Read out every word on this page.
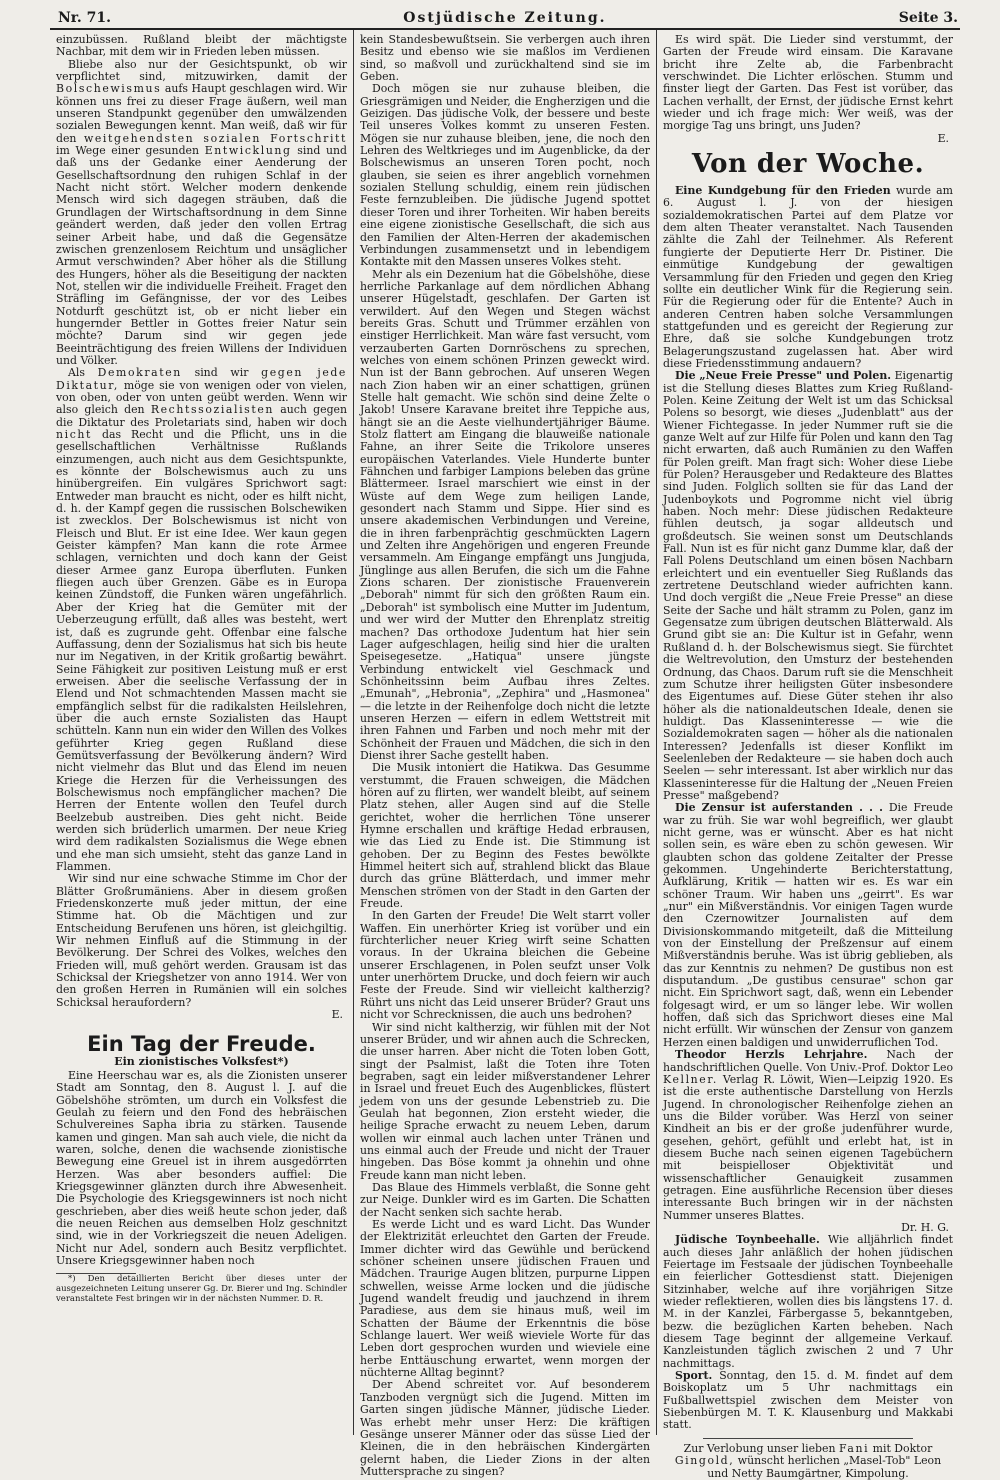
Nr. 71.	Ostjüdische Zeitung.	Seite 3.

einzubüssen. Rußland bleibt der mächtigste Nachbar, mit dem wir in Frieden leben müssen.

Bliebe also nur der Gesichtspunkt, ob wir verpflichtet sind, mitzuwirken, damit der Bolschewismus aufs Haupt geschlagen wird. Wir können uns frei zu dieser Frage äußern, weil man unseren Standpunkt gegenüber den umwälzenden sozialen Bewegungen kennt. Man weiß, daß wir für den weitgehendsten sozialen Fortschritt im Wege einer gesunden Entwicklung sind und daß uns der Gedanke einer Aenderung der Gesellschaftsordnung den ruhigen Schlaf in der Nacht nicht stört. Welcher modern denkende Mensch wird sich dagegen sträuben, daß die Grundlagen der Wirtschaftsordnung in dem Sinne geändert werden, daß jeder den vollen Ertrag seiner Arbeit habe, und daß die Gegensätze zwischen grenzenlosem Reichtum und unsäglicher Armut verschwinden? Aber höher als die Stillung des Hungers, höher als die Beseitigung der nackten Not, stellen wir die individuelle Freiheit. Fraget den Sträfling im Gefängnisse, der vor des Leibes Notdurft geschützt ist, ob er nicht lieber ein hungernder Bettler in Gottes freier Natur sein möchte? Darum sind wir gegen jede Beeinträchtigung des freien Willens der Individuen und Völker.

Als Demokraten sind wir gegen jede Diktatur, möge sie von wenigen oder von vielen, von oben, oder von unten geübt werden. Wenn wir also gleich den Rechtssozialisten auch gegen die Diktatur des Proletariats sind, haben wir doch nicht das Recht und die Pflicht, uns in die gesellschaftlichen Verhältnisse Rußlands einzumengen, auch nicht aus dem Gesichtspunkte, es könnte der Bolschewismus auch zu uns hinübergreifen. Ein vulgäres Sprichwort sagt: Entweder man braucht es nicht, oder es hilft nicht, d. h. der Kampf gegen die russischen Bolschewiken ist zwecklos. Der Bolschewismus ist nicht von Fleisch und Blut. Er ist eine Idee. Wer kaun gegen Geister kämpfen? Man kann die rote Armee schlagen, vernichten und doch kann der Geist dieser Armee ganz Europa überfluten. Funken fliegen auch über Grenzen. Gäbe es in Europa keinen Zündstoff, die Funken wären ungefährlich. Aber der Krieg hat die Gemüter mit der Ueberzeugung erfüllt, daß alles was besteht, wert ist, daß es zugrunde geht. Offenbar eine falsche Auffassung, denn der Sozialismus hat sich bis heute nur im Negativen, in der Kritik großartig bewährt. Seine Fähigkeit zur positiven Leistung muß er erst erweisen. Aber die seelische Verfassung der in Elend und Not schmachtenden Massen macht sie empfänglich selbst für die radikalsten Heilslehren, über die auch ernste Sozialisten das Haupt schütteln. Kann nun ein wider den Willen des Volkes geführter Krieg gegen Rußland diese Gemütsverfassung der Bevölkerung ändern? Wird nicht vielmehr das Blut und das Elend im neuen Kriege die Herzen für die Verheissungen des Bolschewismus noch empfänglicher machen? Die Herren der Entente wollen den Teufel durch Beelzebub austreiben. Dies geht nicht. Beide werden sich brüderlich umarmen. Der neue Krieg wird dem radikalsten Sozialismus die Wege ebnen und ehe man sich umsieht, steht das ganze Land in Flammen.

Wir sind nur eine schwache Stimme im Chor der Blätter Großrumäniens. Aber in diesem großen Friedenskonzerte muß jeder mittun, der eine Stimme hat. Ob die Mächtigen und zur Entscheidung Berufenen uns hören, ist gleichgiltig. Wir nehmen Einfluß auf die Stimmung in der Bevölkerung. Der Schrei des Volkes, welches den Frieden will, muß gehört werden. Grausam ist das Schicksal der Kriegshetzer von anno 1914. Wer von den großen Herren in Rumänien will ein solches Schicksal heraufordern?

E.
Ein Tag der Freude.
Ein zionistisches Volksfest*)

Eine Heerschau war es, als die Zionisten unserer Stadt am Sonntag, den 8. August l. J. auf die Göbelshöhe strömten, um durch ein Volksfest die Geulah zu feiern und den Fond des hebräischen Schulvereines Sapha ibria zu stärken. Tausende kamen und gingen. Man sah auch viele, die nicht da waren, solche, denen die wachsende zionistische Bewegung eine Greuel ist in ihrem ausgedörrten Herzen. Was aber besonders auffiel: Die Kriegsgewinner glänzten durch ihre Abwesenheit. Die Psychologie des Kriegsgewinners ist noch nicht geschrieben, aber dies weiß heute schon jeder, daß die neuen Reichen aus demselben Holz geschnitzt sind, wie in der Vorkriegszeit die neuen Adeligen. Nicht nur Adel, sondern auch Besitz verpflichtet. Unsere Kriegsgewinner haben noch

*) Den detaillierten Bericht über dieses unter der ausgezeichneten Leitung unserer Gg. Dr. Bierer und Ing. Schindler veranstaltete Fest bringen wir in der nächsten Nummer. D. R.

kein Standesbewußtsein. Sie verbergen auch ihren Besitz und ebenso wie sie maßlos im Verdienen sind, so maßvoll und zurückhaltend sind sie im Geben.

Doch mögen sie nur zuhause bleiben, die Griesgrämigen und Neider, die Engherzigen und die Geizigen. Das jüdische Volk, der bessere und beste Teil unseres Volkes kommt zu unseren Festen. Mögen sie nur zuhause bleiben, jene, die noch den Lehren des Weltkrieges und im Augenblicke, da der Bolschewismus an unseren Toren pocht, noch glauben, sie seien es ihrer angeblich vornehmen sozialen Stellung schuldig, einem rein jüdischen Feste fernzubleiben. Die jüdische Jugend spottet dieser Toren und ihrer Torheiten. Wir haben bereits eine eigene zionistische Gesellschaft, die sich aus den Familien der Alten-Herren der akademischen Verbindungen zusammensetzt und in lebendigem Kontakte mit den Massen unseres Volkes steht.

Mehr als ein Dezenium hat die Göbelshöhe, diese herrliche Parkanlage auf dem nördlichen Abhang unserer Hügelstadt, geschlafen. Der Garten ist verwildert. Auf den Wegen und Stegen wächst bereits Gras. Schutt und Trümmer erzählen von einstiger Herrlichkeit. Man wäre fast versucht, vom verzauberten Garten Dornröschens zu sprechen, welches von einem schönen Prinzen geweckt wird. Nun ist der Bann gebrochen. Auf unseren Wegen nach Zion haben wir an einer schattigen, grünen Stelle halt gemacht. Wie schön sind deine Zelte o Jakob! Unsere Karavane breitet ihre Teppiche aus, hängt sie an die Aeste vielhundertjähriger Bäume. Stolz flattert am Eingang die blauweiße nationale Fahne, an ihrer Seite die Trikolore unseres europäischen Vaterlandes. Viele Hunderte bunter Fähnchen und farbiger Lampions beleben das grüne Blättermeer. Israel marschiert wie einst in der Wüste auf dem Wege zum heiligen Lande, gesondert nach Stamm und Sippe. Hier sind es unsere akademischen Verbindungen und Vereine, die in ihren farbenprächtig geschmückten Lagern und Zelten ihre Angehörigen und engeren Freunde versammeln. Am Eingange empfängt uns Jungjuda, Jünglinge aus allen Berufen, die sich um die Fahne Zions scharen. Der zionistische Frauenverein „Deborah" nimmt für sich den größten Raum ein. „Deborah" ist symbolisch eine Mutter im Judentum, und wer wird der Mutter den Ehrenplatz streitig machen? Das orthodoxe Judentum hat hier sein Lager aufgeschlagen, heilig sind hier die uralten Speisegesetze. „Hatiqua" unsere jüngste Verbindung entwickelt viel Geschmack und Schönheitssinn beim Aufbau ihres Zeltes. „Emunah", „Hebronia", „Zephira" und „Hasmonea" — die letzte in der Reihenfolge doch nicht die letzte unseren Herzen — eifern in edlem Wettstreit mit ihren Fahnen und Farben und noch mehr mit der Schönheit der Frauen und Mädchen, die sich in den Dienst ihrer Sache gestellt haben.

Die Musik intoniert die Hatikwa. Das Gesumme verstummt, die Frauen schweigen, die Mädchen hören auf zu flirten, wer wandelt bleibt, auf seinem Platz stehen, aller Augen sind auf die Stelle gerichtet, woher die herrlichen Töne unserer Hymne erschallen und kräftige Hedad erbrausen, wie das Lied zu Ende ist. Die Stimmung ist gehoben. Der zu Beginn des Festes bewölkte Himmel heitert sich auf, strahlend blickt das Blaue durch das grüne Blätterdach, und immer mehr Menschen strömen von der Stadt in den Garten der Freude.

In den Garten der Freude! Die Welt starrt voller Waffen. Ein unerhörter Krieg ist vorüber und ein fürchterlicher neuer Krieg wirft seine Schatten voraus. In der Ukraina bleichen die Gebeine unserer Erschlagenen, in Polen seufzt unser Volk unter unerhörtem Drucke, und doch feiern wir auch Feste der Freude. Sind wir vielleicht kaltherzig? Rührt uns nicht das Leid unserer Brüder? Graut uns nicht vor Schrecknissen, die auch uns bedrohen?

Wir sind nicht kaltherzig, wir fühlen mit der Not unserer Brüder, und wir ahnen auch die Schrecken, die unser harren. Aber nicht die Toten loben Gott, singt der Psalmist, laßt die Toten ihre Toten begraben, sagt ein leider mißverstandener Lehrer in Israel und freuet Euch des Augenblickes, flüstert jedem von uns der gesunde Lebenstrieb zu. Die Geulah hat begonnen, Zion ersteht wieder, die heilige Sprache erwacht zu neuem Leben, darum wollen wir einmal auch lachen unter Tränen und uns einmal auch der Freude und nicht der Trauer hingeben. Das Böse kommt ja ohnehin und ohne Freude kann man nicht leben.

Das Blaue des Himmels verblaßt, die Sonne geht zur Neige. Dunkler wird es im Garten. Die Schatten der Nacht senken sich sachte herab.

Es werde Licht und es ward Licht. Das Wunder der Elektrizität erleuchtet den Garten der Freude. Immer dichter wird das Gewühle und berückend schöner scheinen unsere jüdischen Frauen und Mädchen. Traurige Augen blitzen, purpurne Lippen schwellen, weisse Arme locken und die jüdische Jugend wandelt freudig und jauchzend in ihrem Paradiese, aus dem sie hinaus muß, weil im Schatten der Bäume der Erkenntnis die böse Schlange lauert. Wer weiß wieviele Worte für das Leben dort gesprochen wurden und wieviele eine herbe Enttäuschung erwartet, wenn morgen der nüchterne Alltag beginnt?

Der Abend schreitet vor. Auf besonderem Tanzboden vergnügt sich die Jugend. Mitten im Garten singen jüdische Männer, jüdische Lieder. Was erhebt mehr unser Herz: Die kräftigen Gesänge unserer Männer oder das süsse Lied der Kleinen, die in den hebräischen Kindergärten gelernt haben, die Lieder Zions in der alten Muttersprache zu singen?

Es wird spät. Die Lieder sind verstummt, der Garten der Freude wird einsam. Die Karavane bricht ihre Zelte ab, die Farbenbracht verschwindet. Die Lichter erlöschen. Stumm und finster liegt der Garten. Das Fest ist vorüber, das Lachen verhallt, der Ernst, der jüdische Ernst kehrt wieder und ich frage mich: Wer weiß, was der morgige Tag uns bringt, uns Juden?

E.
Von der Woche.

Eine Kundgebung für den Frieden wurde am 6. August l. J. von der hiesigen sozialdemokratischen Partei auf dem Platze vor dem alten Theater veranstaltet. Nach Tausenden zählte die Zahl der Teilnehmer. Als Referent fungierte der Deputierte Herr Dr. Pistiner. Die einmütige Kundgebung der gewaltigen Versammlung für den Frieden und gegen den Krieg sollte ein deutlicher Wink für die Regierung sein. Für die Regierung oder für die Entente? Auch in anderen Centren haben solche Versammlungen stattgefunden und es gereicht der Regierung zur Ehre, daß sie solche Kundgebungen trotz Belagerungszustand zugelassen hat. Aber wird diese Friedensstimmung andauern?

Die „Neue Freie Presse" und Polen. Eigenartig ist die Stellung dieses Blattes zum Krieg Rußland-Polen. Keine Zeitung der Welt ist um das Schicksal Polens so besorgt, wie dieses „Judenblatt" aus der Wiener Fichtegasse. In jeder Nummer ruft sie die ganze Welt auf zur Hilfe für Polen und kann den Tag nicht erwarten, daß auch Rumänien zu den Waffen für Polen greift. Man fragt sich: Woher diese Liebe für Polen? Herausgeber und Redakteure des Blattes sind Juden. Folglich sollten sie für das Land der Judenboykots und Pogromme nicht viel übrig haben. Noch mehr: Diese jüdischen Redakteure fühlen deutsch, ja sogar alldeutsch und großdeutsch. Sie weinen sonst um Deutschlands Fall. Nun ist es für nicht ganz Dumme klar, daß der Fall Polens Deutschland um einen bösen Nachbarn erleichtert und ein eventueller Sieg Rußlands das zertretene Deutschland wieder aufrichten kann. Und doch vergißt die „Neue Freie Presse" an diese Seite der Sache und hält stramm zu Polen, ganz im Gegensatze zum übrigen deutschen Blätterwald. Als Grund gibt sie an: Die Kultur ist in Gefahr, wenn Rußland d. h. der Bolschewismus siegt. Sie fürchtet die Weltrevolution, den Umsturz der bestehenden Ordnung, das Chaos. Darum ruft sie die Menschheit zum Schutze ihrer heiligsten Güter insbesondere des Eigentumes auf. Diese Güter stehen ihr also höher als die nationaldeutschen Ideale, denen sie huldigt. Das Klasseninteresse — wie die Sozialdemokraten sagen — höher als die nationalen Interessen? Jedenfalls ist dieser Konflikt im Seelenleben der Redakteure — sie haben doch auch Seelen — sehr interessant. Ist aber wirklich nur das Klasseninteresse für die Haltung der „Neuen Freien Presse" maßgebend?

Die Zensur ist auferstanden . . . Die Freude war zu früh. Sie war wohl begreiflich, wer glaubt nicht gerne, was er wünscht. Aber es hat nicht sollen sein, es wäre eben zu schön gewesen. Wir glaubten schon das goldene Zeitalter der Presse gekommen. Ungehinderte Berichterstattung, Aufklärung, Kritik — hatten wir es. Es war ein schöner Traum. Wir haben uns „geirrt". Es war „nur" ein Mißverständnis. Vor einigen Tagen wurde den Czernowitzer Journalisten auf dem Divisionskommando mitgeteilt, daß die Mitteilung von der Einstellung der Preßzensur auf einem Mißverständnis beruhe. Was ist übrig geblieben, als das zur Kenntnis zu nehmen? De gustibus non est disputandum. „De gustibus censurae" schon gar nicht. Ein Sprichwort sagt, daß, wenn ein Lebender folgesagt wird, er um so länger lebe. Wir wollen hoffen, daß sich das Sprichwort dieses eine Mal nicht erfüllt. Wir wünschen der Zensur von ganzem Herzen einen baldigen und unwiderruflichen Tod.

Theodor Herzls Lehrjahre. Nach der handschriftlichen Quelle. Von Univ.-Prof. Doktor Leo Kellner. Verlag R. Löwit, Wien—Leipzig 1920. Es ist die erste authentische Darstellung von Herzls Jugend. In chronologischer Reihenfolge ziehen an uns die Bilder vorüber. Was Herzl von seiner Kindheit an bis er der große judenführer wurde, gesehen, gehört, gefühlt und erlebt hat, ist in diesem Buche nach seinen eigenen Tagebüchern mit beispielloser Objektivität und wissenschaftlicher Genauigkeit zusammen getragen. Eine ausführliche Recension über dieses interessante Buch bringen wir in der nächsten Nummer unseres Blattes.

Dr. H. G.

Jüdische Toynbeehalle. Wie alljährlich findet auch dieses Jahr anläßlich der hohen jüdischen Feiertage im Festsaale der jüdischen Toynbeehalle ein feierlicher Gottesdienst statt. Diejenigen Sitzinhaber, welche auf ihre vorjährigen Sitze wieder reflektieren, wollen dies bis längstens 17. d. M. in der Kanzlei, Färbergasse 5, bekanntgeben, bezw. die bezüglichen Karten beheben. Nach diesem Tage beginnt der allgemeine Verkauf. Kanzleistunden täglich zwischen 2 und 7 Uhr nachmittags.

Sport. Sonntag, den 15. d. M. findet auf dem Boiskoplatz um 5 Uhr nachmittags ein Fußballwettspiel zwischen dem Meister von Siebenbürgen M. T. K. Klausenburg und Makkabi statt.

Zur Verlobung unser lieben Fani mit Doktor Gingold, wünscht herlichen „Masel-Tob" Leon und Netty Baumgärtner, Kimpolung.
